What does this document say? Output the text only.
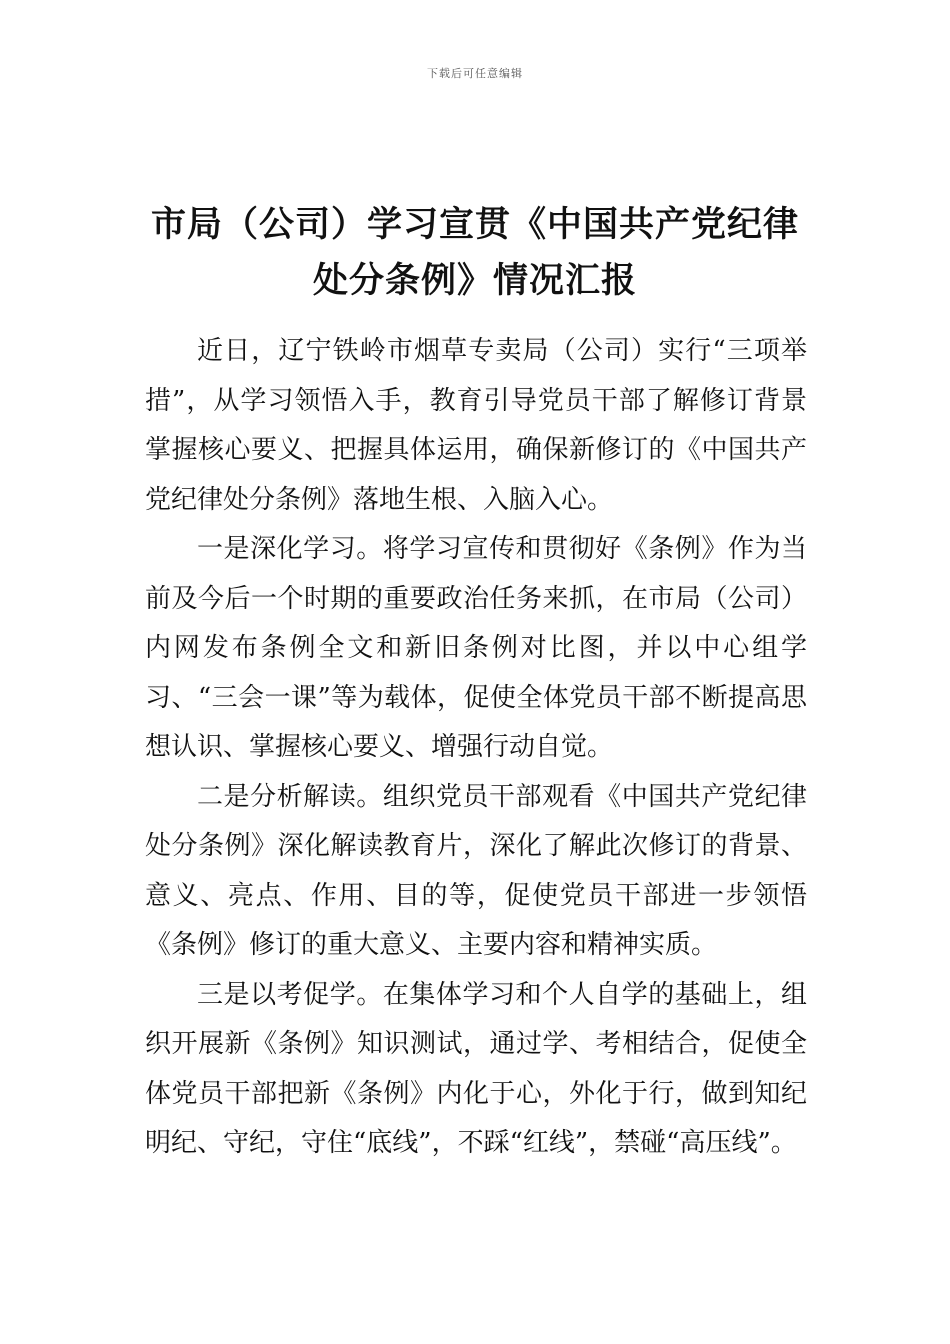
下载后可任意编辑
市局（公司）学习宣贯《中国共产党纪律处分条例》情况汇报

近日，辽宁铁岭市烟草专卖局（公司）实行“三项举措”，从学习领悟入手，教育引导党员干部了解修订背景掌握核心要义、把握具体运用，确保新修订的《中国共产党纪律处分条例》落地生根、入脑入心。

一是深化学习。将学习宣传和贯彻好《条例》作为当前及今后一个时期的重要政治任务来抓，在市局（公司）内网发布条例全文和新旧条例对比图，并以中心组学习、“三会一课”等为载体，促使全体党员干部不断提高思想认识、掌握核心要义、增强行动自觉。

二是分析解读。组织党员干部观看《中国共产党纪律处分条例》深化解读教育片，深化了解此次修订的背景、意义、亮点、作用、目的等，促使党员干部进一步领悟《条例》修订的重大意义、主要内容和精神实质。

三是以考促学。在集体学习和个人自学的基础上，组织开展新《条例》知识测试，通过学、考相结合，促使全体党员干部把新《条例》内化于心，外化于行，做到知纪明纪、守纪，守住“底线”，不踩“红线”，禁碰“高压线”。
